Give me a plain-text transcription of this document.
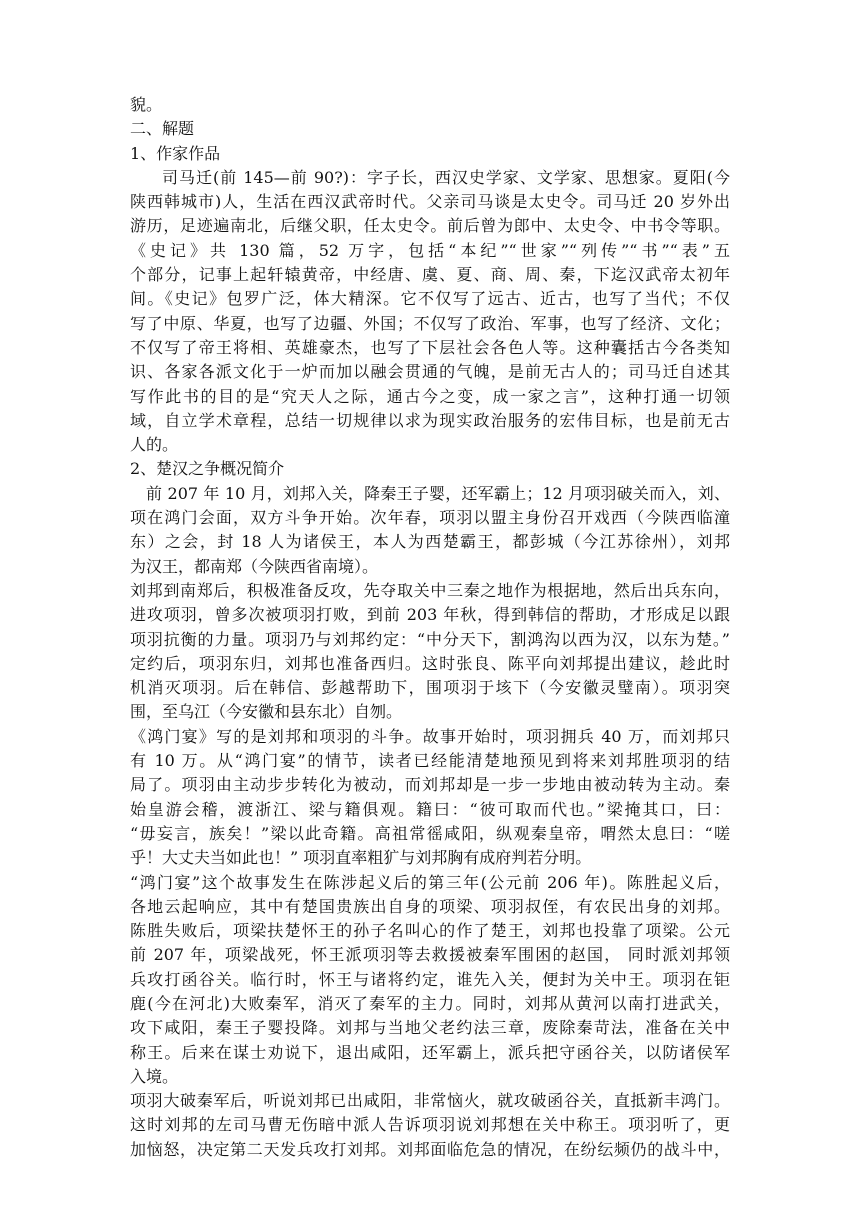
貌。
二、解题
1、作家作品
司马迁(前 145—前 90?)：字子长，西汉史学家、文学家、思想家。夏阳(今
陕西韩城市)人，生活在西汉武帝时代。父亲司马谈是太史令。司马迁 20 岁外出
游历，足迹遍南北，后继父职，任太史令。前后曾为郎中、太史令、中书令等职。
《史记》共 130 篇，52 万字，包括“本纪”“世家”“列传”“书”“表”五
个部分，记事上起轩辕黄帝，中经唐、虞、夏、商、周、秦，下迄汉武帝太初年
间。《史记》包罗广泛，体大精深。它不仅写了远古、近古，也写了当代；不仅
写了中原、华夏，也写了边疆、外国；不仅写了政治、军事，也写了经济、文化；
不仅写了帝王将相、英雄豪杰，也写了下层社会各色人等。这种囊括古今各类知
识、各家各派文化于一炉而加以融会贯通的气魄，是前无古人的；司马迁自述其
写作此书的目的是“究天人之际，通古今之变，成一家之言”，这种打通一切领
域，自立学术章程，总结一切规律以求为现实政治服务的宏伟目标，也是前无古
人的。
2、楚汉之争概况简介
前 207 年 10 月，刘邦入关，降秦王子婴，还军霸上；12 月项羽破关而入，刘、
项在鸿门会面，双方斗争开始。次年春，项羽以盟主身份召开戏西（今陕西临潼
东）之会，封 18 人为诸侯王，本人为西楚霸王，都彭城（今江苏徐州），刘邦
为汉王，都南郑（今陕西省南境）。
刘邦到南郑后，积极准备反攻，先夺取关中三秦之地作为根据地，然后出兵东向，
进攻项羽，曾多次被项羽打败，到前 203 年秋，得到韩信的帮助，才形成足以跟
项羽抗衡的力量。项羽乃与刘邦约定：“中分天下，割鸿沟以西为汉，以东为楚。”
定约后，项羽东归，刘邦也准备西归。这时张良、陈平向刘邦提出建议，趁此时
机消灭项羽。后在韩信、彭越帮助下，围项羽于垓下（今安徽灵璧南）。项羽突
围，至乌江（今安徽和县东北）自刎。
《鸿门宴》写的是刘邦和项羽的斗争。故事开始时，项羽拥兵 40 万，而刘邦只
有 10 万。从“鸿门宴”的情节，读者已经能清楚地预见到将来刘邦胜项羽的结
局了。项羽由主动步步转化为被动，而刘邦却是一步一步地由被动转为主动。秦
始皇游会稽，渡浙江、梁与籍俱观。籍曰：“彼可取而代也。”梁掩其口，曰：
“毋妄言，族矣！”梁以此奇籍。高祖常徭咸阳，纵观秦皇帝，喟然太息曰：“嗟
乎！大丈夫当如此也！” 项羽直率粗犷与刘邦胸有成府判若分明。
“鸿门宴”这个故事发生在陈涉起义后的第三年(公元前 206 年)。陈胜起义后，
各地云起响应，其中有楚国贵族出自身的项梁、项羽叔侄，有农民出身的刘邦。
陈胜失败后，项梁扶楚怀王的孙子名叫心的作了楚王，刘邦也投靠了项梁。公元
前 207 年，项梁战死，怀王派项羽等去救援被秦军围困的赵国， 同时派刘邦领
兵攻打函谷关。临行时，怀王与诸将约定，谁先入关，便封为关中王。项羽在钜
鹿(今在河北)大败秦军，消灭了秦军的主力。同时，刘邦从黄河以南打进武关，
攻下咸阳，秦王子婴投降。刘邦与当地父老约法三章，废除秦苛法，准备在关中
称王。后来在谋士劝说下，退出咸阳，还军霸上，派兵把守函谷关，以防诸侯军
入境。
项羽大破秦军后，听说刘邦已出咸阳，非常恼火，就攻破函谷关，直抵新丰鸿门。
这时刘邦的左司马曹无伤暗中派人告诉项羽说刘邦想在关中称王。项羽听了，更
加恼怒，决定第二天发兵攻打刘邦。刘邦面临危急的情况，在纷纭频仍的战斗中，
